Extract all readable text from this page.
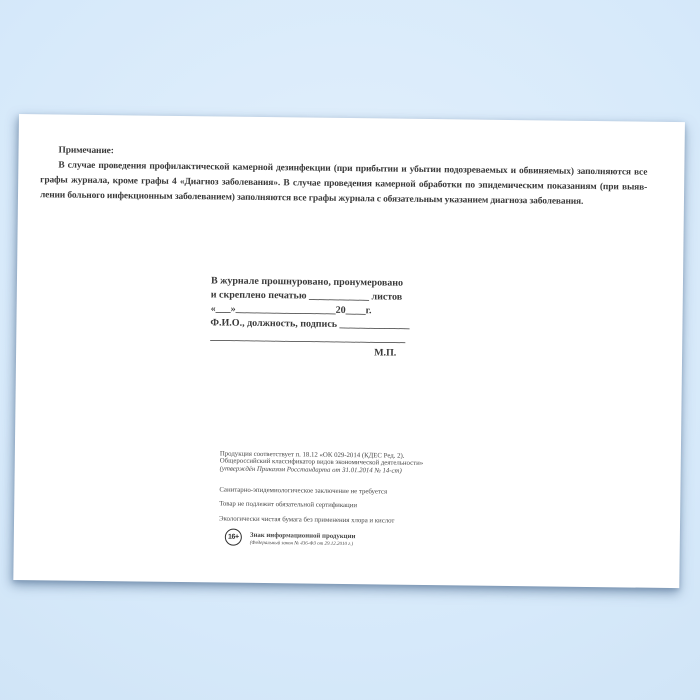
Примечание:
В случае проведения профилактической камерной дезинфекции (при прибытии и убытии подозреваемых и обвиняемых) заполняются все
графы журнала, кроме графы 4 «Диагноз заболевания». В случае проведения камерной обработки по эпидемическим показаниям (при выяв-
лении больного инфекционным заболеванием) заполняются все графы журнала с обязательным указанием диагноза заболевания.
В журнале прошнуровано, пронумеровано
и скреплено печатью ____________ листов
«___»____________________20____г.
Ф.И.О., должность, подпись ______________
_______________________________________
М.П.
Продукция соответствует п. 18.12 «ОК 029-2014 (КДЕС Ред. 2).
Общероссийский классификатор видов экономической деятельности»
(утверждён Приказом Росстандарта от 31.01.2014 № 14-ст)
Санитарно-эпидемиологическое заключение не требуется
Товар не подлежит обязательной сертификации
Экологически чистая бумага без применения хлора и кислот
16+ Знак информационной продукции
(Федеральный закон № 436-ФЗ от 29.12.2010 г.)
